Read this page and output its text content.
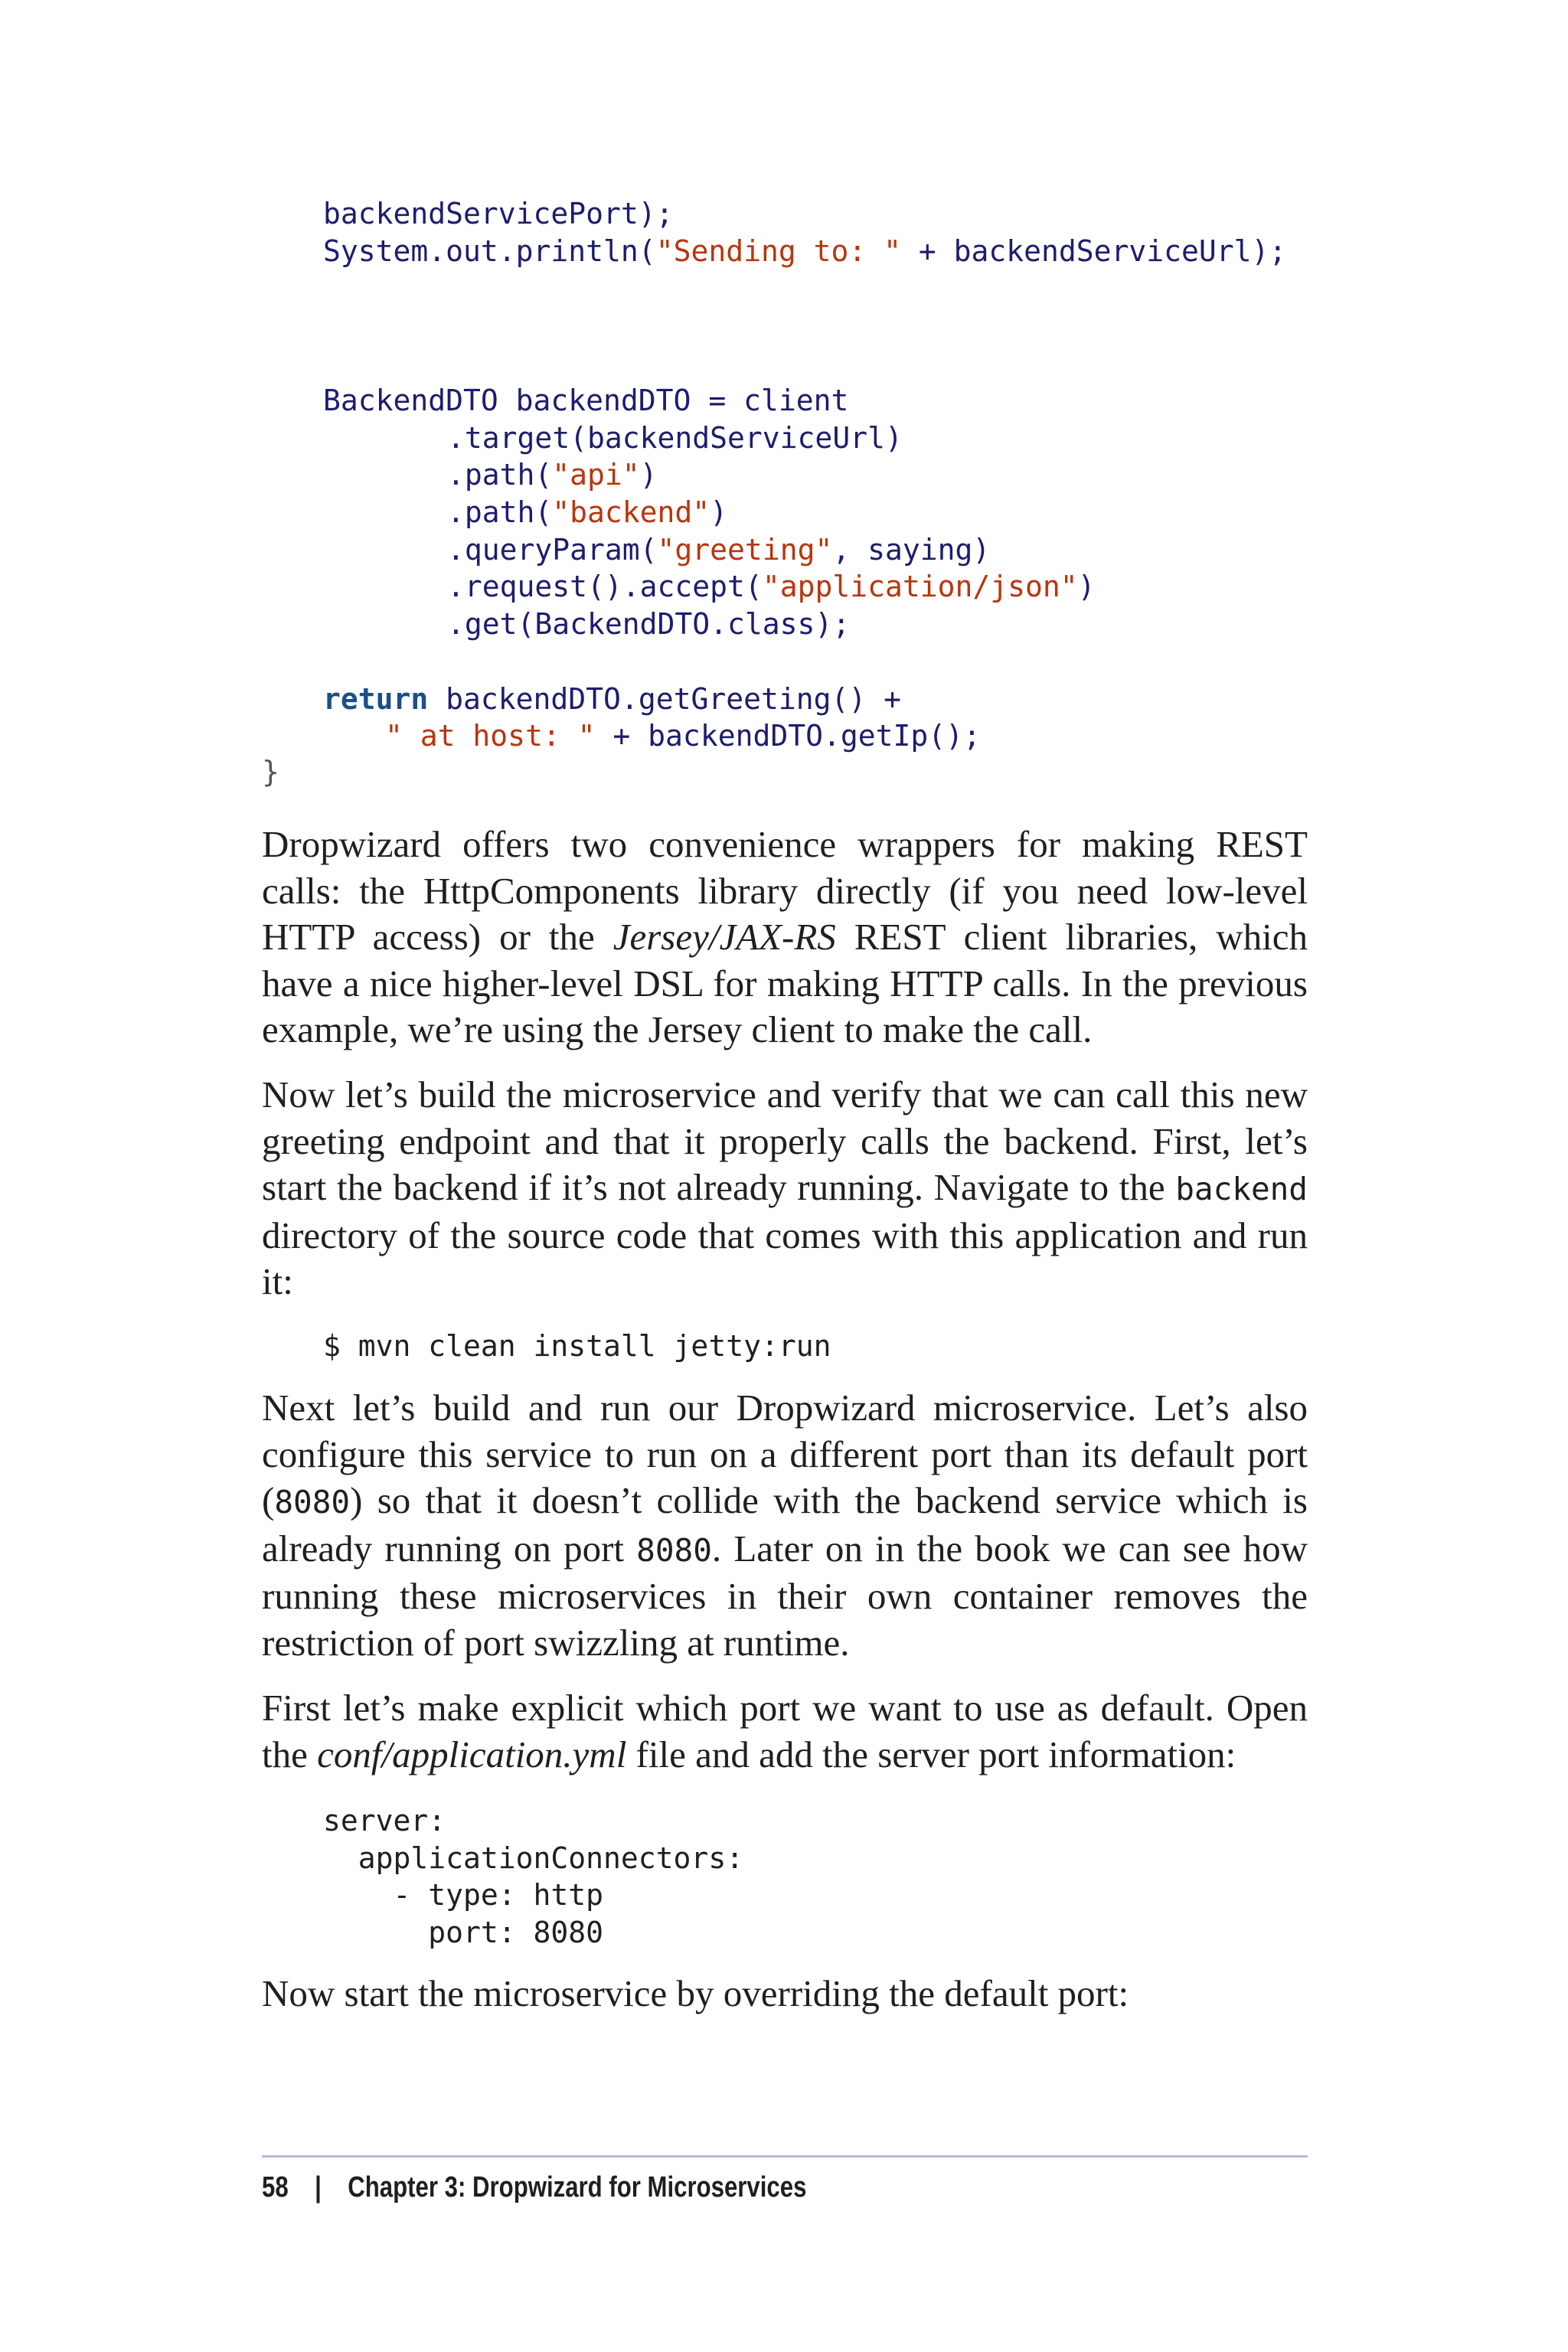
backendServicePort);
System.out.println("Sending to: " + backendServiceUrl);
BackendDTO backendDTO = client
.target(backendServiceUrl)
.path("api")
.path("backend")
.queryParam("greeting", saying)
.request().accept("application/json")
.get(BackendDTO.class);
return backendDTO.getGreeting() +
" at host: " + backendDTO.getIp();
}

Dropwizard offers two convenience wrappers for making REST calls: the HttpComponents library directly (if you need low-level HTTP access) or the Jersey/JAX-RS REST client libraries, which have a nice higher-level DSL for making HTTP calls. In the previous example, we’re using the Jersey client to make the call.

Now let’s build the microservice and verify that we can call this new greeting endpoint and that it properly calls the backend. First, let’s start the backend if it’s not already running. Navigate to the backend directory of the source code that comes with this application and run it:

$ mvn clean install jetty:run

Next let’s build and run our Dropwizard microservice. Let’s also configure this service to run on a different port than its default port (8080) so that it doesn’t collide with the backend service which is already running on port 8080. Later on in the book we can see how running these microservices in their own container removes the restriction of port swizzling at runtime.

First let’s make explicit which port we want to use as default. Open the conf/application.yml file and add the server port information:

server:
applicationConnectors:
- type: http
port: 8080

Now start the microservice by overriding the default port:

58 | Chapter 3: Dropwizard for Microservices
